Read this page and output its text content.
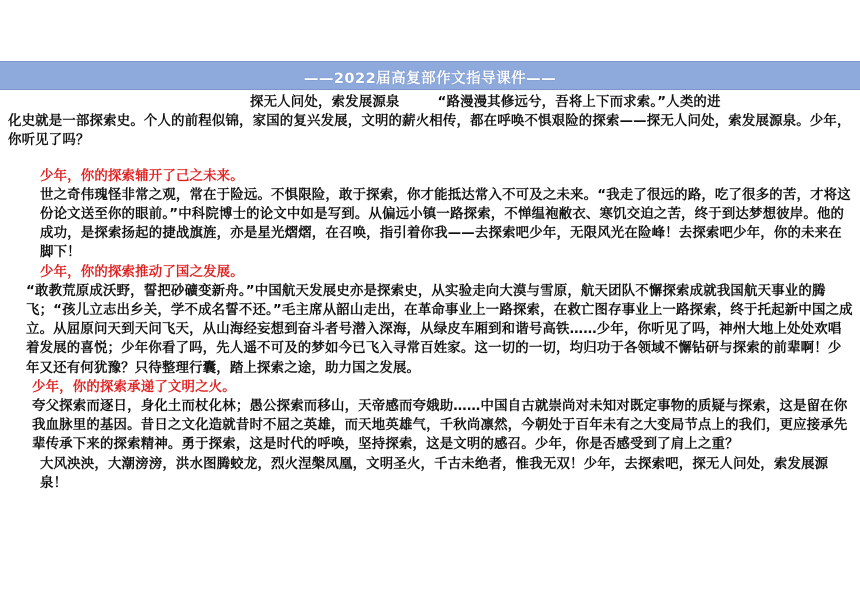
——2022届高复部作文指导课件——

探无人问处，索发展源泉	“路漫漫其修远兮，吾将上下而求索。”人类的进

化史就是一部探索史。个人的前程似锦，家国的复兴发展，文明的薪火相传，都在呼唤不惧艰险的探索——探无人问处，索发展源泉。少年，你听见了吗？

少年，你的探索辅开了己之未来。

世之奇伟瑰怪非常之观，常在于险远。不惧限险，敢于探索，你才能抵达常入不可及之未来。“我走了很远的路，吃了很多的苦，才将这份论文送至你的眼前。”中科院博士的论文中如是写到。从偏远小镇一路探索，不惮缊袍敝衣、寒饥交迫之苦，终于到达梦想彼岸。他的成功，是探索扬起的捷战旗旌，亦是星光熠熠，在召唤，指引着你我——去探索吧少年，无限风光在险峰！去探索吧少年，你的未来在脚下！

少年，你的探索推动了国之发展。

“敢教荒原成沃野，誓把砂礦变新舟。”中国航天发展史亦是探索史，从实验走向大漠与雪原，航天团队不懈探索成就我国航天事业的腾飞；“孩儿立志出乡关，学不成名誓不还。”毛主席从韶山走出，在革命事业上一路探索，在救亡图存事业上一路探索，终于托起新中国之成立。从屈原问天到天问飞天，从山海经妄想到奋斗者号潜入深海，从绿皮车厢到和谐号高铁……少年，你听见了吗，神州大地上处处欢唱着发展的喜悦；少年你看了吗，先人遥不可及的梦如今已飞入寻常百姓家。这一切的一切，均归功于各领域不懈钻研与探索的前辈啊！少年又还有何犹豫？只待整理行囊，踏上探索之途，助力国之发展。

少年，你的探索承递了文明之火。

夸父探索而逐日，身化土而杖化林；愚公探索而移山，天帝感而夸娥助……中国自古就崇尚对未知对既定事物的质疑与探索，这是留在你我血脉里的基因。昔日之文化造就昔时不屈之英雄，而天地英雄气，千秋尚凛然，今朝处于百年未有之大变局节点上的我们，更应接承先辈传承下来的探索精神。勇于探索，这是时代的呼唤，坚持探索，这是文明的感召。少年，你是否感受到了肩上之重？

大风泱泱，大潮滂滂，洪水图腾蛟龙，烈火涅槃凤凰，文明圣火，千古未绝者，惟我无双！少年，去探索吧，探无人问处，索发展源泉！
